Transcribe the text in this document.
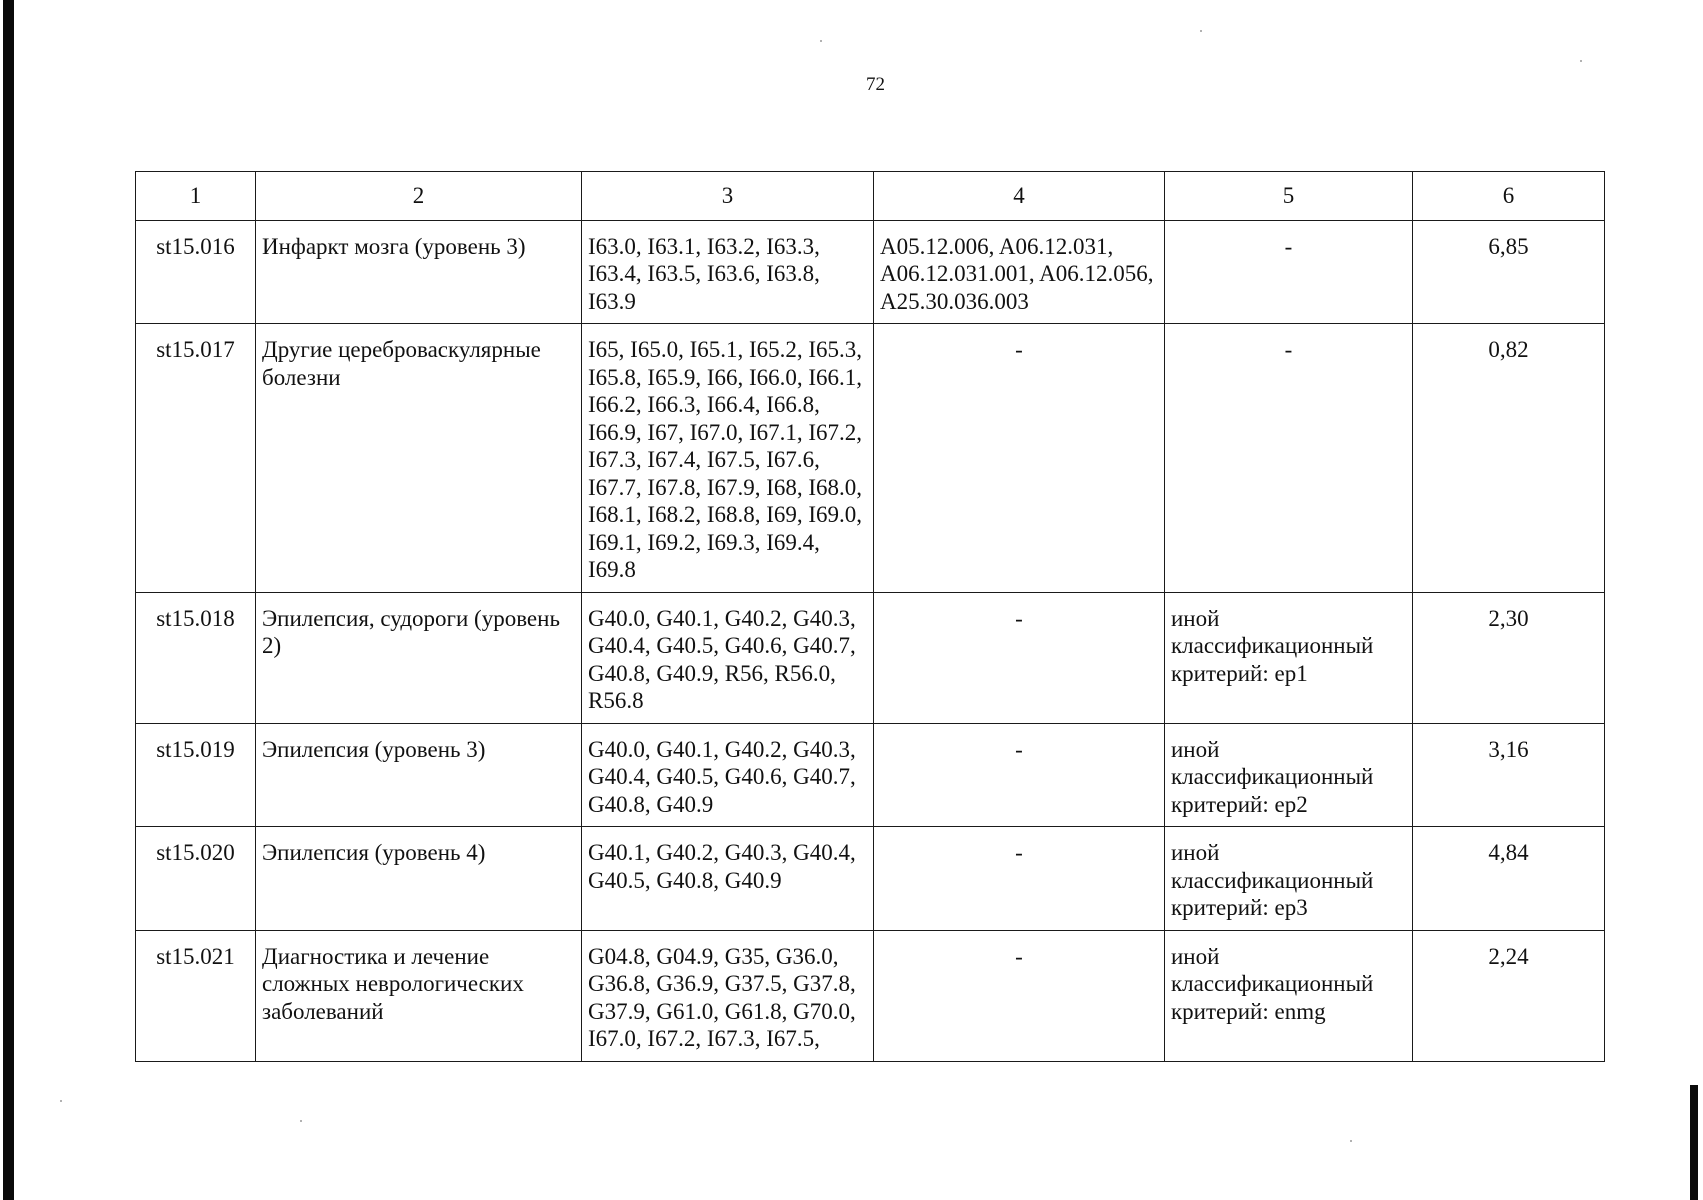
72
1	2	3	4	5	6
st15.016	Инфаркт мозга (уровень 3)	I63.0, I63.1, I63.2, I63.3, I63.4, I63.5, I63.6, I63.8, I63.9	A05.12.006, A06.12.031, A06.12.031.001, A06.12.056, A25.30.036.003	-	6,85
st15.017	Другие цереброваскулярные болезни	I65, I65.0, I65.1, I65.2, I65.3, I65.8, I65.9, I66, I66.0, I66.1, I66.2, I66.3, I66.4, I66.8, I66.9, I67, I67.0, I67.1, I67.2, I67.3, I67.4, I67.5, I67.6, I67.7, I67.8, I67.9, I68, I68.0, I68.1, I68.2, I68.8, I69, I69.0, I69.1, I69.2, I69.3, I69.4, I69.8	-	-	0,82
st15.018	Эпилепсия, судороги (уровень 2)	G40.0, G40.1, G40.2, G40.3, G40.4, G40.5, G40.6, G40.7, G40.8, G40.9, R56, R56.0, R56.8	-	иной классификационный критерий: ep1	2,30
st15.019	Эпилепсия (уровень 3)	G40.0, G40.1, G40.2, G40.3, G40.4, G40.5, G40.6, G40.7, G40.8, G40.9	-	иной классификационный критерий: ep2	3,16
st15.020	Эпилепсия (уровень 4)	G40.1, G40.2, G40.3, G40.4, G40.5, G40.8, G40.9	-	иной классификационный критерий: ep3	4,84
st15.021	Диагностика и лечение сложных неврологических заболеваний	G04.8, G04.9, G35, G36.0, G36.8, G36.9, G37.5, G37.8, G37.9, G61.0, G61.8, G70.0, I67.0, I67.2, I67.3, I67.5,	-	иной классификационный критерий: enmg	2,24
